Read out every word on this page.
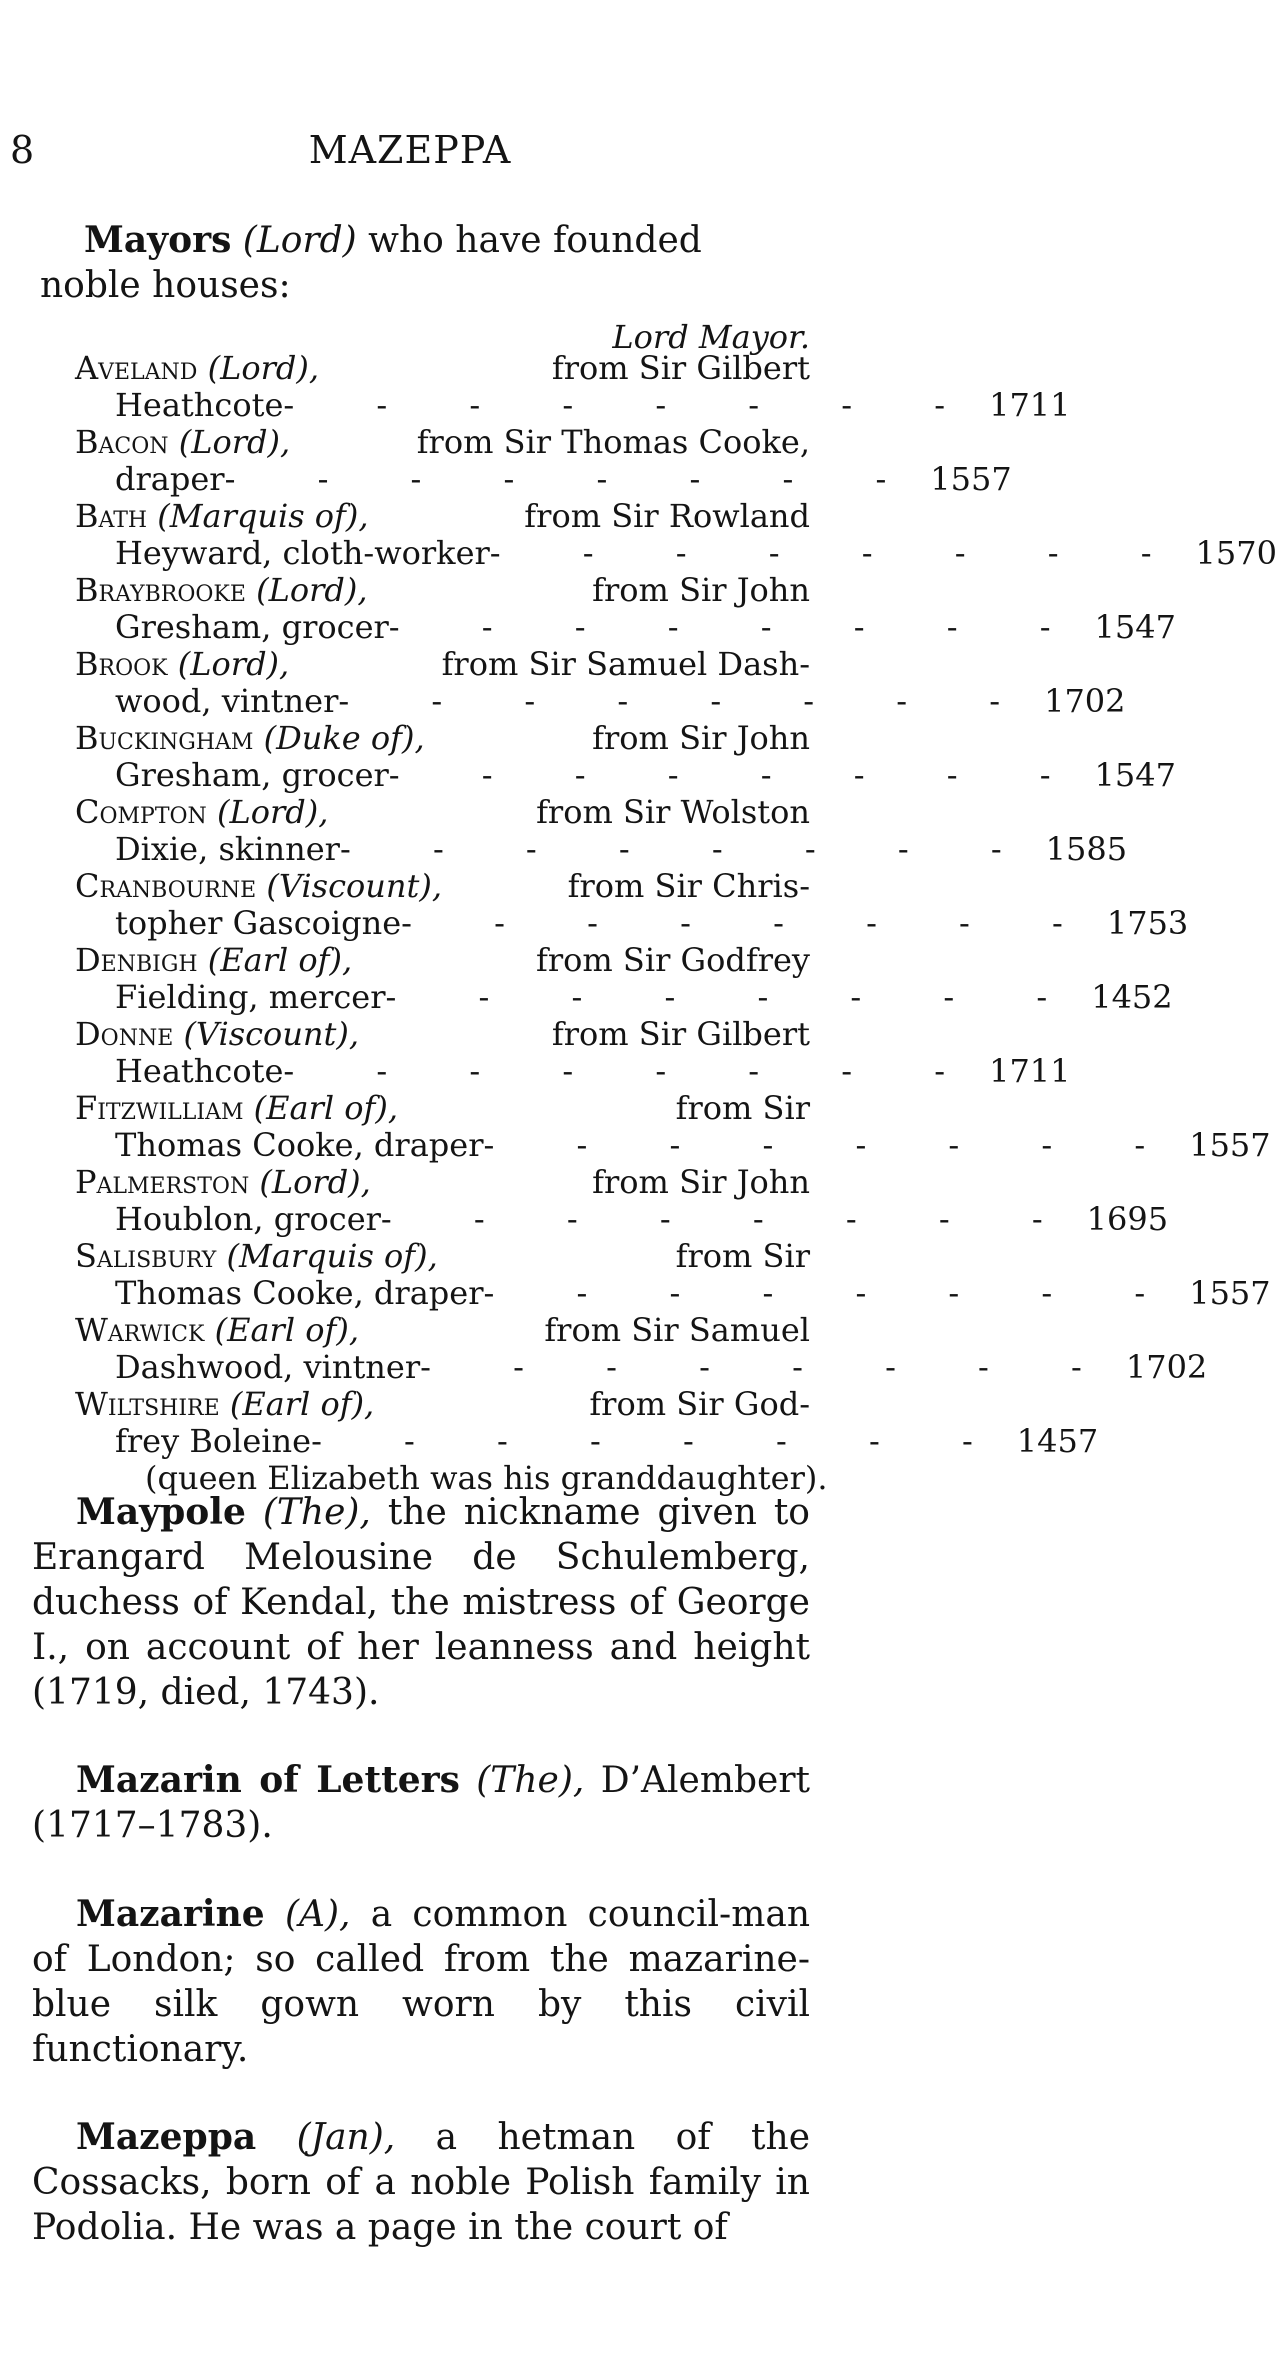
8	MAZEPPA

Mayors (Lord) who have founded noble houses:

Lord Mayor.
Aveland (Lord),	from Sir Gilbert
Heathcote - - - - - - - - 1711
Bacon (Lord),	from Sir Thomas Cooke,
draper - - - - - - - - 1557
Bath (Marquis of),	from Sir Rowland
Heyward, cloth-worker - - - - - - - - 1570
Braybrooke (Lord),	from Sir John
Gresham, grocer - - - - - - - - 1547
Brook (Lord),	from Sir Samuel Dash-
wood, vintner - - - - - - - - 1702
Buckingham (Duke of),	from Sir John
Gresham, grocer - - - - - - - - 1547
Compton (Lord),	from Sir Wolston
Dixie, skinner - - - - - - - - 1585
Cranbourne (Viscount),	from Sir Chris-
topher Gascoigne - - - - - - - - 1753
Denbigh (Earl of),	from Sir Godfrey
Fielding, mercer - - - - - - - - 1452
Donne (Viscount),	from Sir Gilbert
Heathcote - - - - - - - - 1711
Fitzwilliam (Earl of),	from Sir
Thomas Cooke, draper - - - - - - - - 1557
Palmerston (Lord),	from Sir John
Houblon, grocer - - - - - - - - 1695
Salisbury (Marquis of),	from Sir
Thomas Cooke, draper - - - - - - - - 1557
Warwick (Earl of),	from Sir Samuel
Dashwood, vintner - - - - - - - - 1702
Wiltshire (Earl of),	from Sir God-
frey Boleine - - - - - - - - 1457
(queen Elizabeth was his granddaughter).

Maypole (The), the nickname given to Erangard Melousine de Schulemberg, duchess of Kendal, the mistress of George I., on account of her leanness and height (1719, died, 1743).

Mazarin of Letters (The), D’Alembert (1717–1783).

Mazarine (A), a common council-man of London; so called from the mazarine-blue silk gown worn by this civil functionary.

Mazeppa (Jan), a hetman of the Cossacks, born of a noble Polish family in Podolia. He was a page in the court of
